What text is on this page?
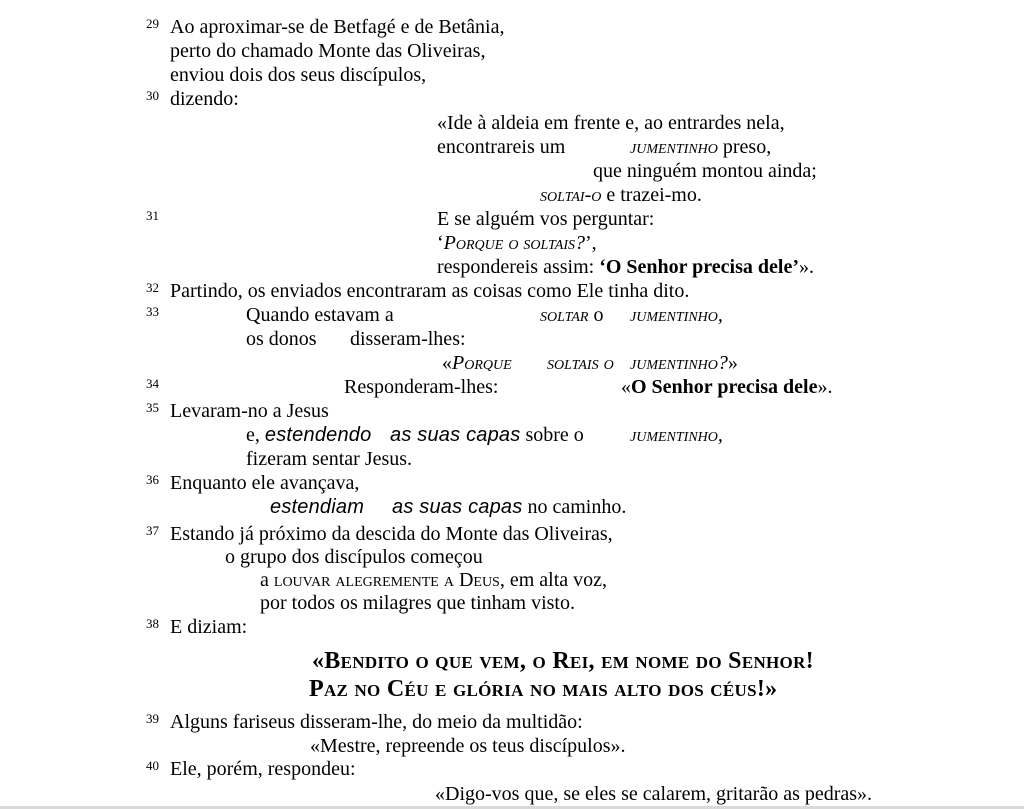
29 Ao aproximar-se de Betfagé e de Betânia,
perto do chamado Monte das Oliveiras,
enviou dois dos seus discípulos,
30 dizendo:
«Ide à aldeia em frente e, ao entrardes nela,
encontrareis um	jumentinho preso,
que ninguém montou ainda;
soltai-o e trazei-mo.
31	E se alguém vos perguntar:
‘Porque o soltais?’,
respondereis assim: ‘O Senhor precisa dele’».
32 Partindo, os enviados encontraram as coisas como Ele tinha dito.
33	Quando estavam a	soltar o jumentinho,
os donos disseram-lhes:
«Porque soltais o jumentinho?»
34	Responderam-lhes:	«O Senhor precisa dele».
35 Levaram-no a Jesus
e, estendendo as suas capas sobre o jumentinho,
fizeram sentar Jesus.
36 Enquanto ele avançava,
estendiam as suas capas no caminho.
37 Estando já próximo da descida do Monte das Oliveiras,
o grupo dos discípulos começou
a louvar alegremente a Deus, em alta voz,
por todos os milagres que tinham visto.
38 E diziam:
«Bendito o que vem, o Rei, em nome do Senhor!
Paz no Céu e glória no mais alto dos céus!»
39 Alguns fariseus disseram-lhe, do meio da multidão:
«Mestre, repreende os teus discípulos».
40 Ele, porém, respondeu:
«Digo-vos que, se eles se calarem, gritarão as pedras».
